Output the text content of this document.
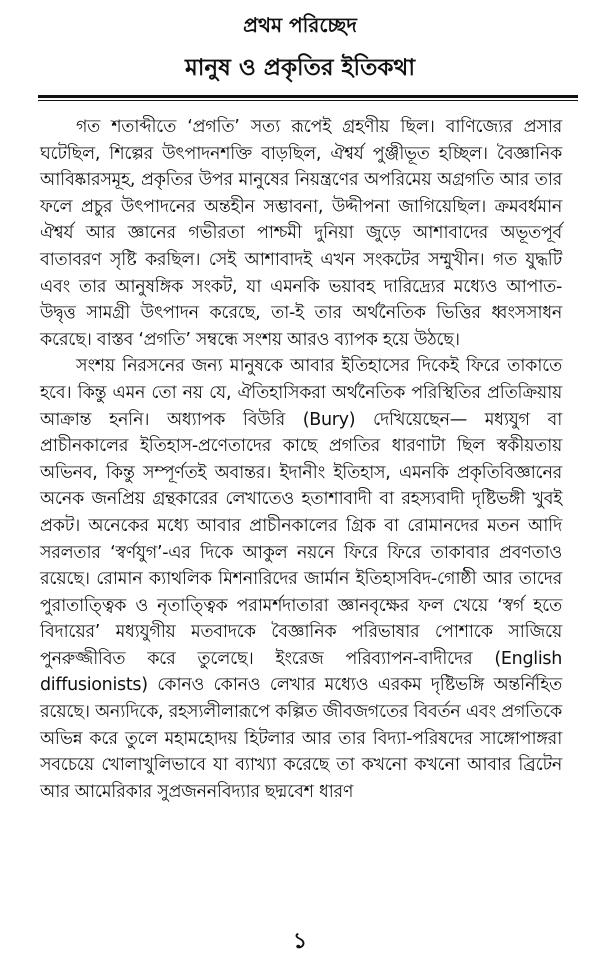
প্রথম পরিচ্ছেদ
মানুষ ও প্রকৃতির ইতিকথা

গত শতাব্দীতে ‘প্রগতি’ সত্য রূপেই গ্রহণীয় ছিল। বাণিজ্যের প্রসার ঘটেছিল, শিল্পের উৎপাদনশক্তি বাড়ছিল, ঐশ্বর্য পুঞ্জীভূত হচ্ছিল। বৈজ্ঞানিক আবিষ্কারসমূহ, প্রকৃতির উপর মানুষের নিয়ন্ত্রণের অপরিমেয় অগ্রগতি আর তার ফলে প্রচুর উৎপাদনের অন্তহীন সম্ভাবনা, উদ্দীপনা জাগিয়েছিল। ক্রমবর্ধমান ঐশ্বর্য আর জ্ঞানের গভীরতা পাশ্চমী দুনিয়া জুড়ে আশাবাদের অভূতপূর্ব বাতাবরণ সৃষ্টি করছিল। সেই আশাবাদই এখন সংকটের সম্মুখীন। গত যুদ্ধটি এবং তার আনুষঙ্গিক সংকট, যা এমনকি ভয়াবহ দারিদ্র্যের মধ্যেও আপাত-উদ্বৃত্ত সামগ্রী উৎপাদন করেছে, তা-ই তার অর্থনৈতিক ভিত্তির ধ্বংসসাধন করেছে। বাস্তব ‘প্রগতি’ সম্বন্ধে সংশয় আরও ব্যাপক হয়ে উঠছে।

সংশয় নিরসনের জন্য মানুষকে আবার ইতিহাসের দিকেই ফিরে তাকাতে হবে। কিন্তু এমন তো নয় যে, ঐতিহাসিকরা অর্থনৈতিক পরিস্থিতির প্রতিক্রিয়ায় আক্রান্ত হননি। অধ্যাপক বিউরি (Bury) দেখিয়েছেন— মধ্যযুগ বা প্রাচীনকালের ইতিহাস-প্রণেতাদের কাছে প্রগতির ধারণাটা ছিল স্বকীয়তায় অভিনব, কিন্তু সম্পূর্ণতই অবান্তর। ইদানীং ইতিহাস, এমনকি প্রকৃতিবিজ্ঞানের অনেক জনপ্রিয় গ্রন্থকারের লেখাতেও হতাশাবাদী বা রহস্যবাদী দৃষ্টিভঙ্গী খুবই প্রকট। অনেকের মধ্যে আবার প্রাচীনকালের গ্রিক বা রোমানদের মতন আদি সরলতার ‘স্বর্ণযুগ’-এর দিকে আকুল নয়নে ফিরে ফিরে তাকাবার প্রবণতাও রয়েছে। রোমান ক্যাথলিক মিশনারিদের জার্মান ইতিহাসবিদ-গোষ্ঠী আর তাদের পুরাতাত্ত্বিক ও নৃতাত্ত্বিক পরামর্শদাতারা জ্ঞানবৃক্ষের ফল খেয়ে ‘স্বর্গ হতে বিদায়ের’ মধ্যযুগীয় মতবাদকে বৈজ্ঞানিক পরিভাষার পোশাকে সাজিয়ে পুনরুজ্জীবিত করে তুলেছে। ইংরেজ পরিব্যাপন-বাদীদের (English diffusionists) কোনও কোনও লেখার মধ্যেও এরকম দৃষ্টিভঙ্গি অন্তর্নিহিত রয়েছে। অন্যদিকে, রহস্যলীলারূপে কল্পিত জীবজগতের বিবর্তন এবং প্রগতিকে অভিন্ন করে তুলে মহামহোদয় হিটলার আর তার বিদ্যা-পরিষদের সাঙ্গোপাঙ্গরা সবচেয়ে খোলাখুলিভাবে যা ব্যাখ্যা করেছে তা কখনো কখনো আবার ব্রিটেন আর আমেরিকার সুপ্রজননবিদ্যার ছদ্মবেশ ধারণ

১
